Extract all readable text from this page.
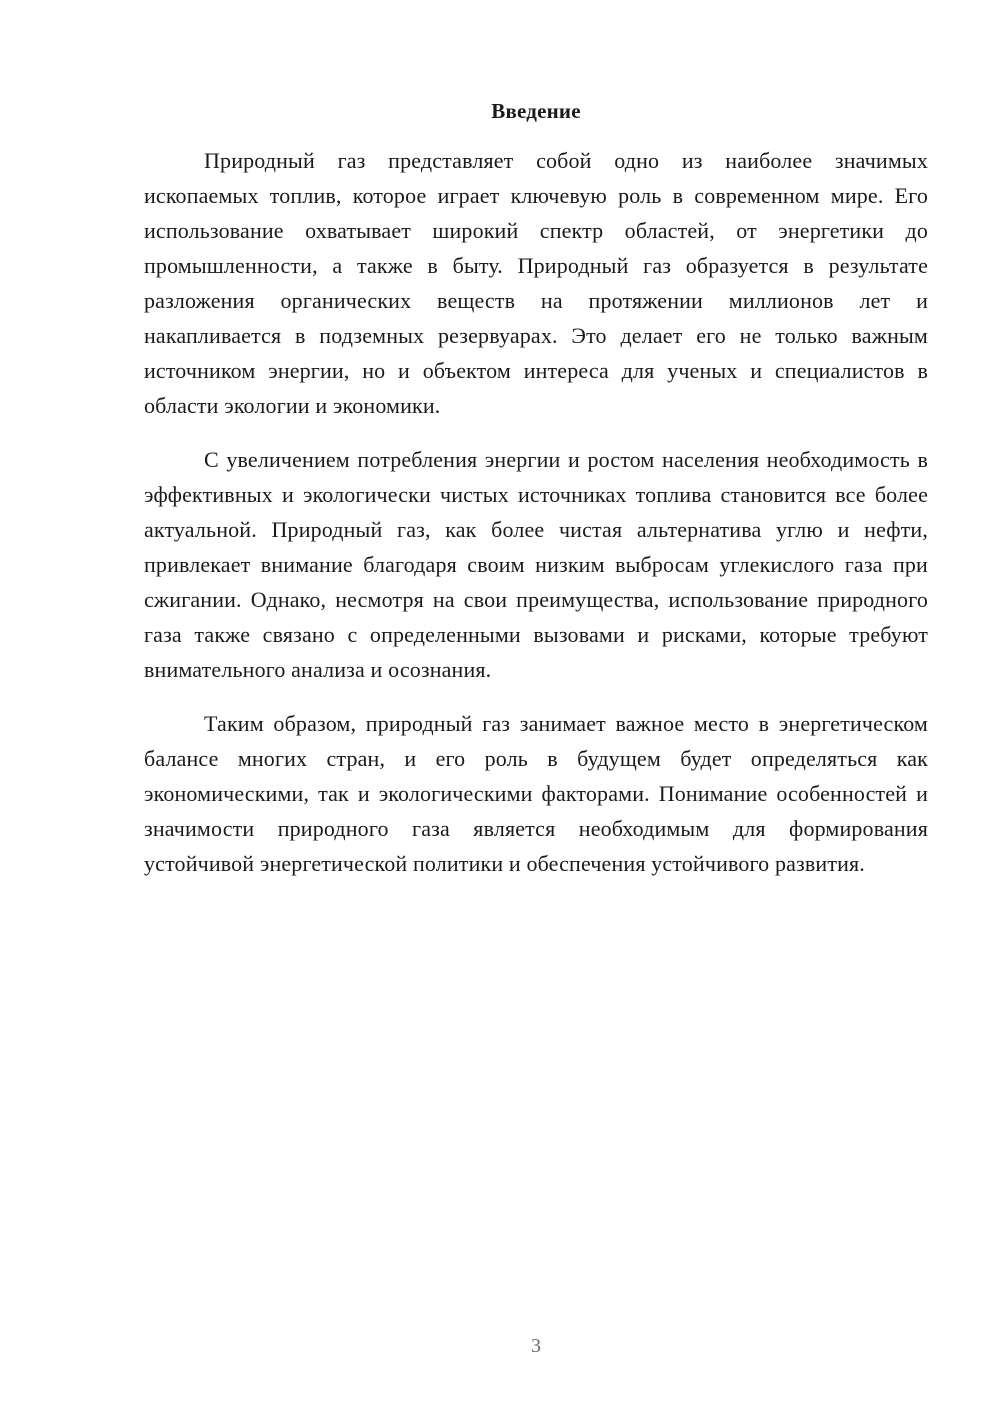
Введение

Природный газ представляет собой одно из наиболее значимых ископаемых топлив, которое играет ключевую роль в современном мире. Его использование охватывает широкий спектр областей, от энергетики до промышленности, а также в быту. Природный газ образуется в результате разложения органических веществ на протяжении миллионов лет и накапливается в подземных резервуарах. Это делает его не только важным источником энергии, но и объектом интереса для ученых и специалистов в области экологии и экономики.

С увеличением потребления энергии и ростом населения необходимость в эффективных и экологически чистых источниках топлива становится все более актуальной. Природный газ, как более чистая альтернатива углю и нефти, привлекает внимание благодаря своим низким выбросам углекислого газа при сжигании. Однако, несмотря на свои преимущества, использование природного газа также связано с определенными вызовами и рисками, которые требуют внимательного анализа и осознания.

Таким образом, природный газ занимает важное место в энергетическом балансе многих стран, и его роль в будущем будет определяться как экономическими, так и экологическими факторами. Понимание особенностей и значимости природного газа является необходимым для формирования устойчивой энергетической политики и обеспечения устойчивого развития.

3
